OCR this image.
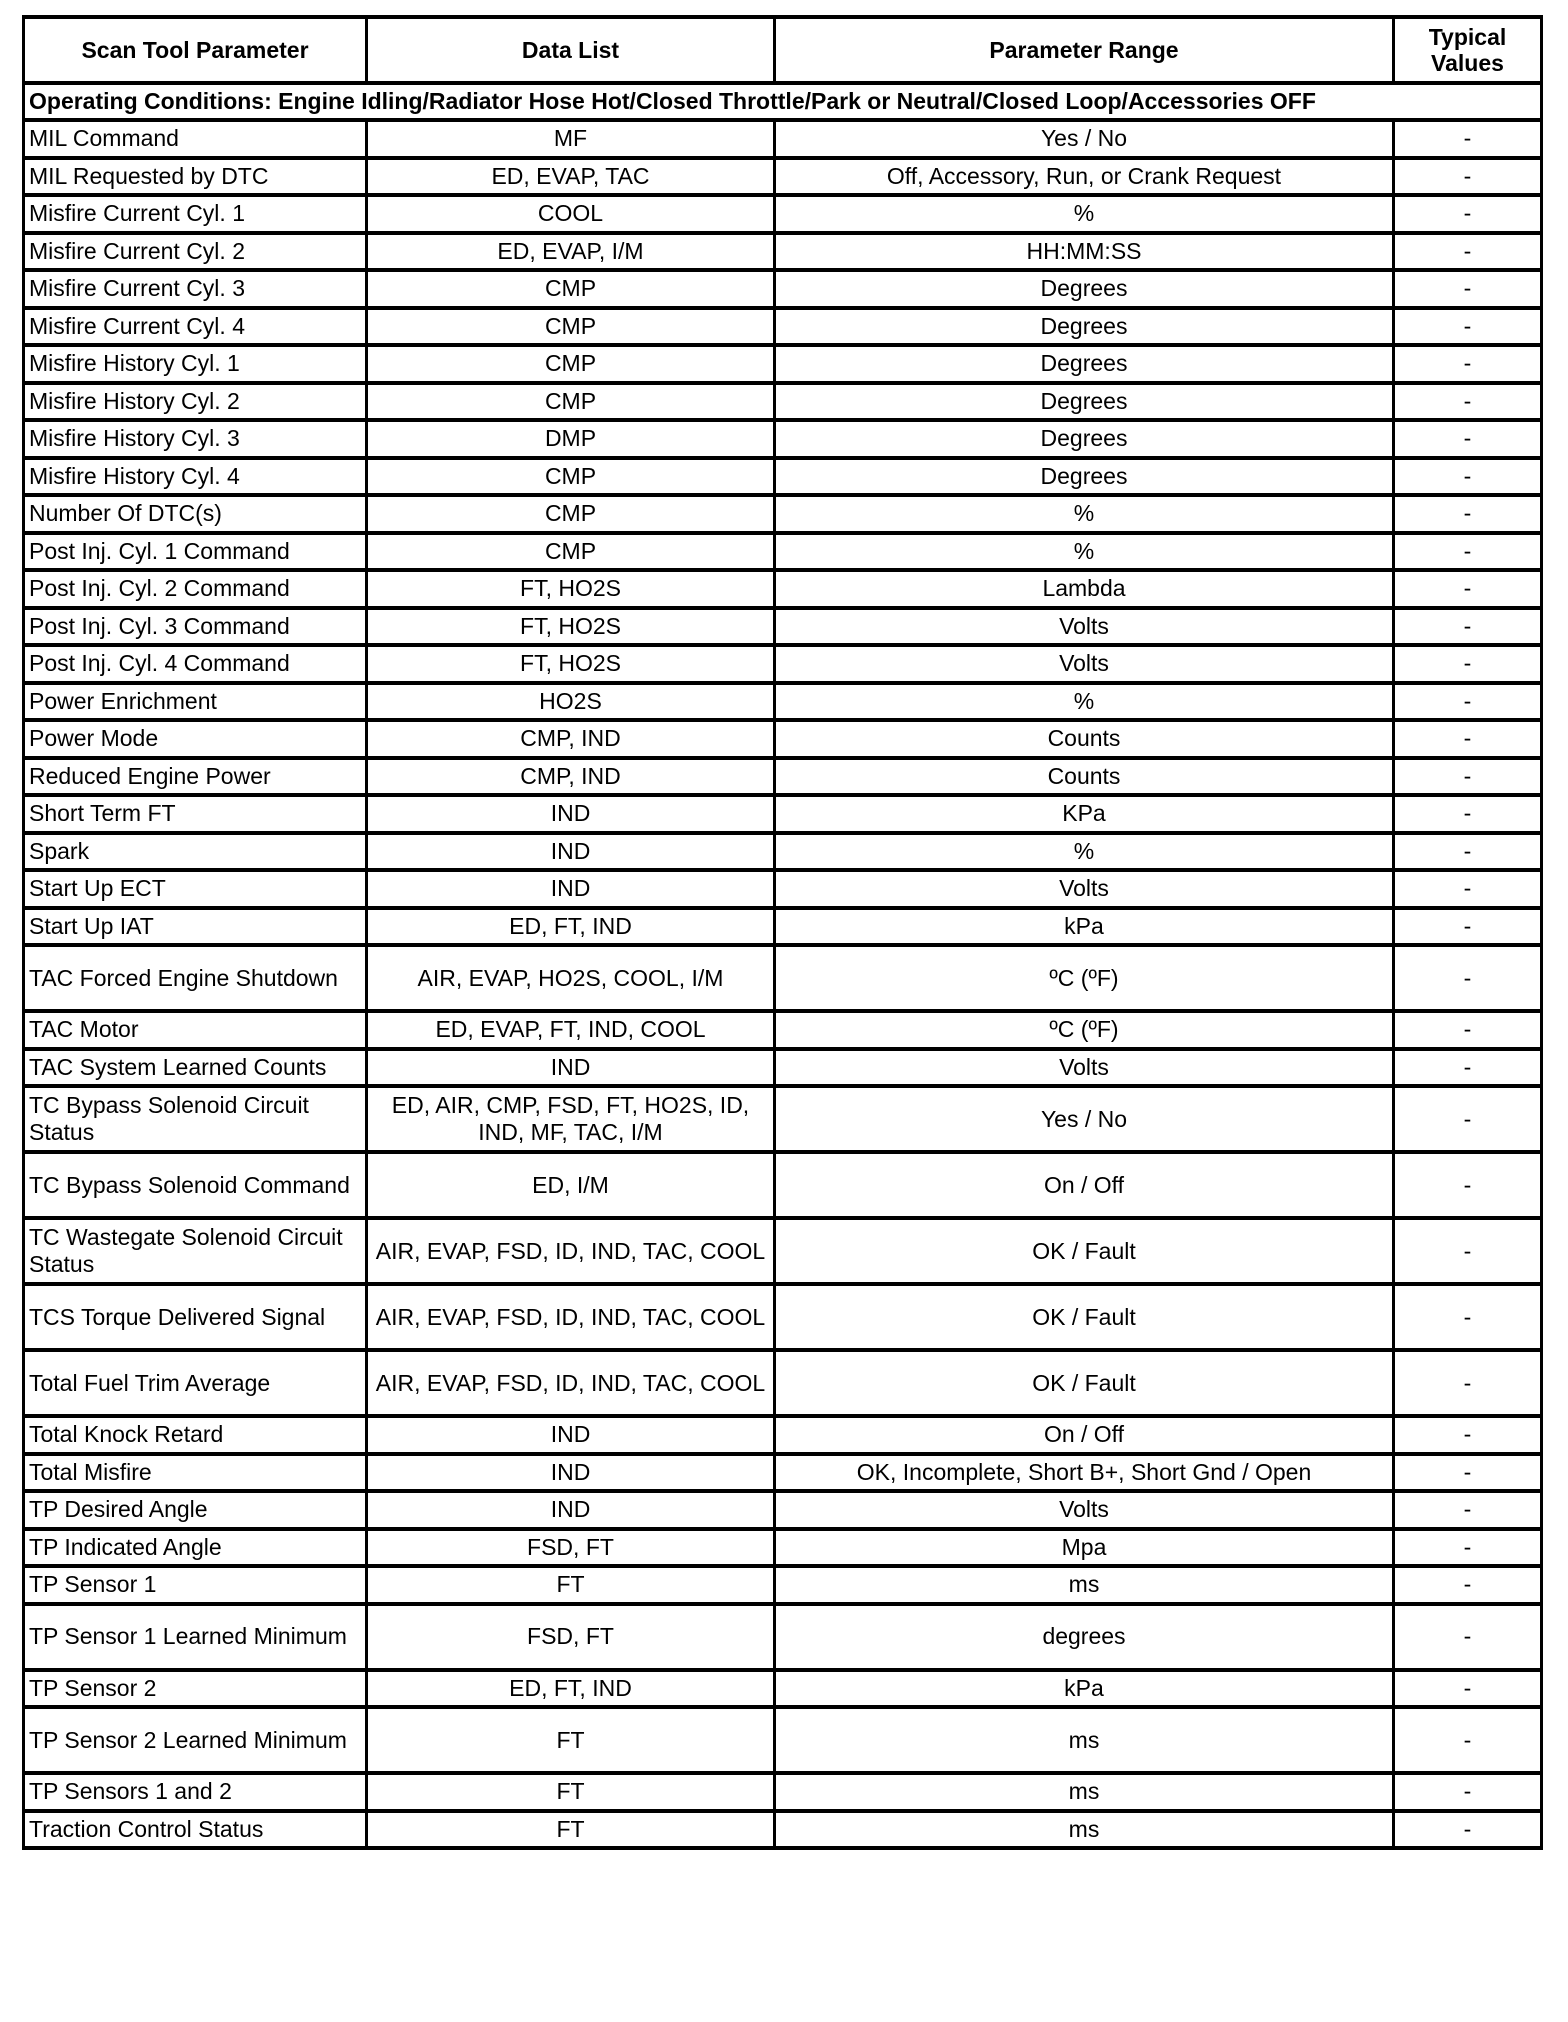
Scan Tool Parameter	Data List	Parameter Range	Typical Values
Operating Conditions: Engine Idling/Radiator Hose Hot/Closed Throttle/Park or Neutral/Closed Loop/Accessories OFF			
MIL Command	MF	Yes / No	-
MIL Requested by DTC	ED, EVAP, TAC	Off, Accessory, Run, or Crank Request	-
Misfire Current Cyl. 1	COOL	%	-
Misfire Current Cyl. 2	ED, EVAP, I/M	HH:MM:SS	-
Misfire Current Cyl. 3	CMP	Degrees	-
Misfire Current Cyl. 4	CMP	Degrees	-
Misfire History Cyl. 1	CMP	Degrees	-
Misfire History Cyl. 2	CMP	Degrees	-
Misfire History Cyl. 3	DMP	Degrees	-
Misfire History Cyl. 4	CMP	Degrees	-
Number Of DTC(s)	CMP	%	-
Post Inj. Cyl. 1 Command	CMP	%	-
Post Inj. Cyl. 2 Command	FT, HO2S	Lambda	-
Post Inj. Cyl. 3 Command	FT, HO2S	Volts	-
Post Inj. Cyl. 4 Command	FT, HO2S	Volts	-
Power Enrichment	HO2S	%	-
Power Mode	CMP, IND	Counts	-
Reduced Engine Power	CMP, IND	Counts	-
Short Term FT	IND	KPa	-
Spark	IND	%	-
Start Up ECT	IND	Volts	-
Start Up IAT	ED, FT, IND	kPa	-
TAC Forced Engine Shutdown	AIR, EVAP, HO2S, COOL, I/M	ºC (ºF)	-
TAC Motor	ED, EVAP, FT, IND, COOL	ºC (ºF)	-
TAC System Learned Counts	IND	Volts	-
TC Bypass Solenoid Circuit Status	ED, AIR, CMP, FSD, FT, HO2S, ID, IND, MF, TAC, I/M	Yes / No	-
TC Bypass Solenoid Command	ED, I/M	On / Off	-
TC Wastegate Solenoid Circuit Status	AIR, EVAP, FSD, ID, IND, TAC, COOL	OK / Fault	-
TCS Torque Delivered Signal	AIR, EVAP, FSD, ID, IND, TAC, COOL	OK / Fault	-
Total Fuel Trim Average	AIR, EVAP, FSD, ID, IND, TAC, COOL	OK / Fault	-
Total Knock Retard	IND	On / Off	-
Total Misfire	IND	OK, Incomplete, Short B+, Short Gnd / Open	-
TP Desired Angle	IND	Volts	-
TP Indicated Angle	FSD, FT	Mpa	-
TP Sensor 1	FT	ms	-
TP Sensor 1 Learned Minimum	FSD, FT	degrees	-
TP Sensor 2	ED, FT, IND	kPa	-
TP Sensor 2 Learned Minimum	FT	ms	-
TP Sensors 1 and 2	FT	ms	-
Traction Control Status	FT	ms	-
